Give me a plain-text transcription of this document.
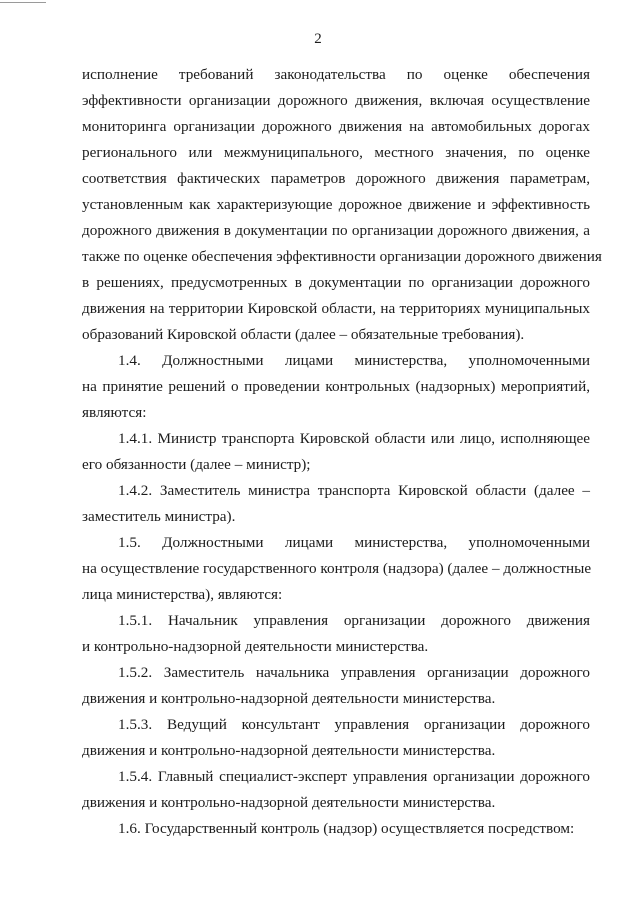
2
исполнение требований законодательства по оценке обеспечения
эффективности организации дорожного движения, включая осуществление
мониторинга организации дорожного движения на автомобильных дорогах
регионального или межмуниципального, местного значения, по оценке
соответствия фактических параметров дорожного движения параметрам,
установленным как характеризующие дорожное движение и эффективность
дорожного движения в документации по организации дорожного движения, а
также по оценке обеспечения эффективности организации дорожного движения
в решениях, предусмотренных в документации по организации дорожного
движения на территории Кировской области, на территориях муниципальных
образований Кировской области (далее – обязательные требования).
1.4. Должностными лицами министерства, уполномоченными
на принятие решений о проведении контрольных (надзорных) мероприятий,
являются:
1.4.1. Министр транспорта Кировской области или лицо, исполняющее
его обязанности (далее – министр);
1.4.2. Заместитель министра транспорта Кировской области (далее –
заместитель министра).
1.5. Должностными лицами министерства, уполномоченными
на осуществление государственного контроля (надзора) (далее – должностные
лица министерства), являются:
1.5.1. Начальник управления организации дорожного движения
и контрольно-надзорной деятельности министерства.
1.5.2. Заместитель начальника управления организации дорожного
движения и контрольно-надзорной деятельности министерства.
1.5.3. Ведущий консультант управления организации дорожного
движения и контрольно-надзорной деятельности министерства.
1.5.4. Главный специалист-эксперт управления организации дорожного
движения и контрольно-надзорной деятельности министерства.
1.6. Государственный контроль (надзор) осуществляется посредством:
